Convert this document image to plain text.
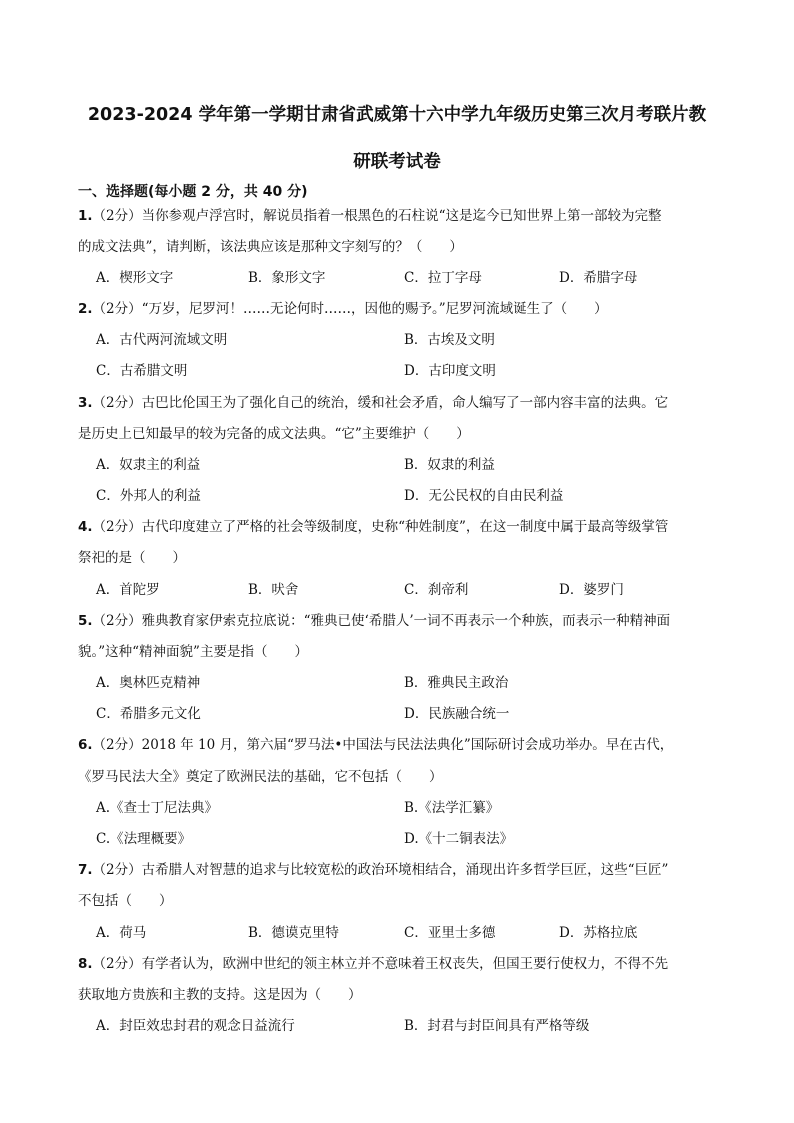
2023-2024 学年第一学期甘肃省武威第十六中学九年级历史第三次月考联片教
研联考试卷
一、选择题(每小题 2 分，共 40 分)
1.（2分）当你参观卢浮宫时，解说员指着一根黑色的石柱说“这是迄今已知世界上第一部较为完整
的成文法典”，请判断，该法典应该是那种文字刻写的？（　　）
A．楔形文字	B．象形文字	C．拉丁字母	D．希腊字母
2.（2分）“万岁，尼罗河！……无论何时……，因他的赐予。”尼罗河流域诞生了（　　）
A．古代两河流域文明	B．古埃及文明
C．古希腊文明	D．古印度文明
3.（2分）古巴比伦国王为了强化自己的统治，缓和社会矛盾，命人编写了一部内容丰富的法典。它
是历史上已知最早的较为完备的成文法典。“它”主要维护（　　）
A．奴隶主的利益	B．奴隶的利益
C．外邦人的利益	D．无公民权的自由民利益
4.（2分）古代印度建立了严格的社会等级制度，史称“种姓制度”，在这一制度中属于最高等级掌管
祭祀的是（　　）
A．首陀罗	B．吠舍	C．刹帝利	D．婆罗门
5.（2分）雅典教育家伊索克拉底说：“雅典已使‘希腊人’一词不再表示一个种族，而表示一种精神面
貌。”这种“精神面貌”主要是指（　　）
A．奥林匹克精神	B．雅典民主政治
C．希腊多元文化	D．民族融合统一
6.（2分）2018 年 10 月，第六届“罗马法•中国法与民法法典化”国际研讨会成功举办。早在古代，
《罗马民法大全》奠定了欧洲民法的基础，它不包括（　　）
A.《查士丁尼法典》	B.《法学汇纂》
C.《法理概要》	D.《十二铜表法》
7.（2分）古希腊人对智慧的追求与比较宽松的政治环境相结合，涌现出许多哲学巨匠，这些“巨匠”
不包括（　　）
A．荷马	B．德谟克里特	C．亚里士多德	D．苏格拉底
8.（2分）有学者认为，欧洲中世纪的领主林立并不意味着王权丧失，但国王要行使权力，不得不先
获取地方贵族和主教的支持。这是因为（　　）
A．封臣效忠封君的观念日益流行	B．封君与封臣间具有严格等级
